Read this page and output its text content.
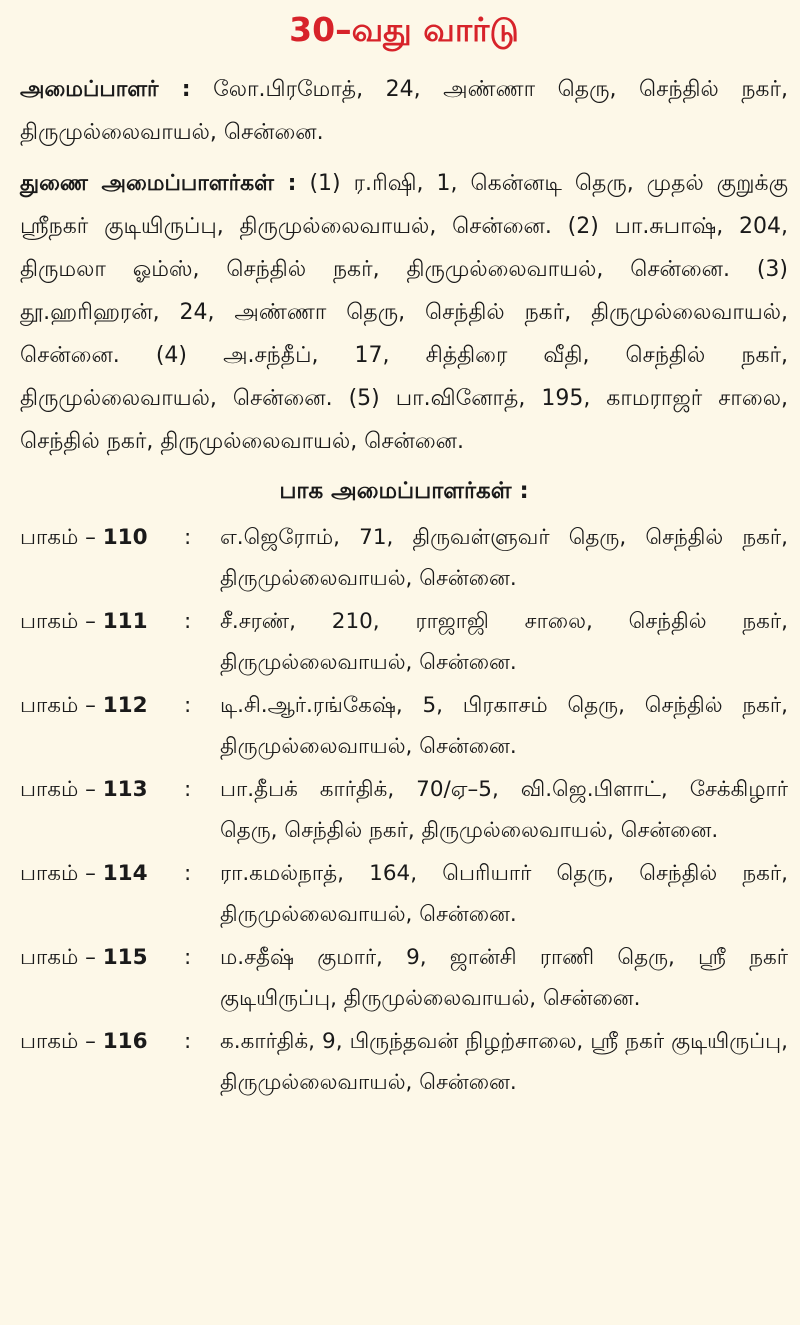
30–வது வார்டு

அமைப்பாளர் : லோ.பிரமோத், 24, அண்ணா தெரு, செந்தில் நகர், திருமுல்லைவாயல், சென்னை.

துணை அமைப்பாளர்கள் : (1) ர.ரிஷி, 1, கென்னடி தெரு, முதல் குறுக்கு ஸ்ரீநகர் குடியிருப்பு, திருமுல்லைவாயல், சென்னை. (2) பா.சுபாஷ், 204, திருமலா ஓம்ஸ், செந்தில் நகர், திருமுல்லைவாயல், சென்னை. (3) தூ.ஹரிஹரன், 24, அண்ணா தெரு, செந்தில் நகர், திருமுல்லைவாயல், சென்னை. (4) அ.சந்தீப், 17, சித்திரை வீதி, செந்தில் நகர், திருமுல்லைவாயல், சென்னை. (5) பா.வினோத், 195, காமராஜர் சாலை, செந்தில் நகர், திருமுல்லைவாயல், சென்னை.

பாக அமைப்பாளர்கள் :
பாகம் – 110	:	எ.ஜெரோம், 71, திருவள்ளுவர் தெரு, செந்தில் நகர், திருமுல்லைவாயல், சென்னை.
பாகம் – 111	:	சீ.சரண், 210, ராஜாஜி சாலை, செந்தில் நகர், திருமுல்லைவாயல், சென்னை.
பாகம் – 112	:	டி.சி.ஆர்.ரங்கேஷ், 5, பிரகாசம் தெரு, செந்தில் நகர், திருமுல்லைவாயல், சென்னை.
பாகம் – 113	:	பா.தீபக் கார்திக், 70/ஏ–5, வி.ஜெ.பிளாட், சேக்கிழார் தெரு, செந்தில் நகர், திருமுல்லைவாயல், சென்னை.
பாகம் – 114	:	ரா.கமல்நாத், 164, பெரியார் தெரு, செந்தில் நகர், திருமுல்லைவாயல், சென்னை.
பாகம் – 115	:	ம.சதீஷ் குமார், 9, ஜான்சி ராணி தெரு, ஸ்ரீ நகர் குடியிருப்பு, திருமுல்லைவாயல், சென்னை.
பாகம் – 116	:	க.கார்திக், 9, பிருந்தவன் நிழற்சாலை, ஸ்ரீ நகர் குடியிருப்பு, திருமுல்லைவாயல், சென்னை.
